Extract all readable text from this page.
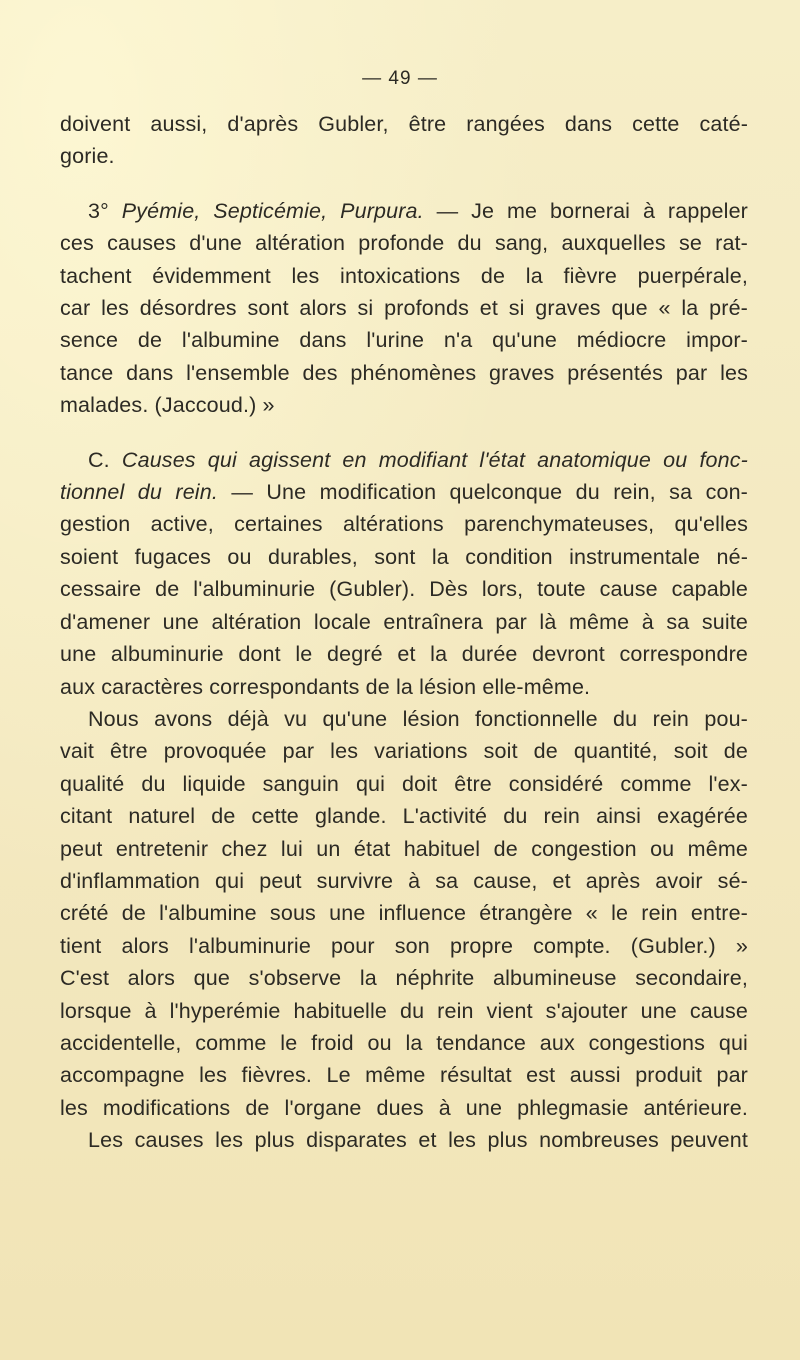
— 49 —
doivent aussi, d'après Gubler, être rangées dans cette caté-
gorie.
3° Pyémie, Septicémie, Purpura. — Je me bornerai à rappeler
ces causes d'une altération profonde du sang, auxquelles se rat-
tachent évidemment les intoxications de la fièvre puerpérale,
car les désordres sont alors si profonds et si graves que « la pré-
sence de l'albumine dans l'urine n'a qu'une médiocre impor-
tance dans l'ensemble des phénomènes graves présentés par les
malades. (Jaccoud.) »
C. Causes qui agissent en modifiant l'état anatomique ou fonc-
tionnel du rein. — Une modification quelconque du rein, sa con-
gestion active, certaines altérations parenchymateuses, qu'elles
soient fugaces ou durables, sont la condition instrumentale né-
cessaire de l'albuminurie (Gubler). Dès lors, toute cause capable
d'amener une altération locale entraînera par là même à sa suite
une albuminurie dont le degré et la durée devront correspondre
aux caractères correspondants de la lésion elle-même.
Nous avons déjà vu qu'une lésion fonctionnelle du rein pou-
vait être provoquée par les variations soit de quantité, soit de
qualité du liquide sanguin qui doit être considéré comme l'ex-
citant naturel de cette glande. L'activité du rein ainsi exagérée
peut entretenir chez lui un état habituel de congestion ou même
d'inflammation qui peut survivre à sa cause, et après avoir sé-
crété de l'albumine sous une influence étrangère « le rein entre-
tient alors l'albuminurie pour son propre compte. (Gubler.) »
C'est alors que s'observe la néphrite albumineuse secondaire,
lorsque à l'hyperémie habituelle du rein vient s'ajouter une cause
accidentelle, comme le froid ou la tendance aux congestions qui
accompagne les fièvres. Le même résultat est aussi produit par
les modifications de l'organe dues à une phlegmasie antérieure.
Les causes les plus disparates et les plus nombreuses peuvent
